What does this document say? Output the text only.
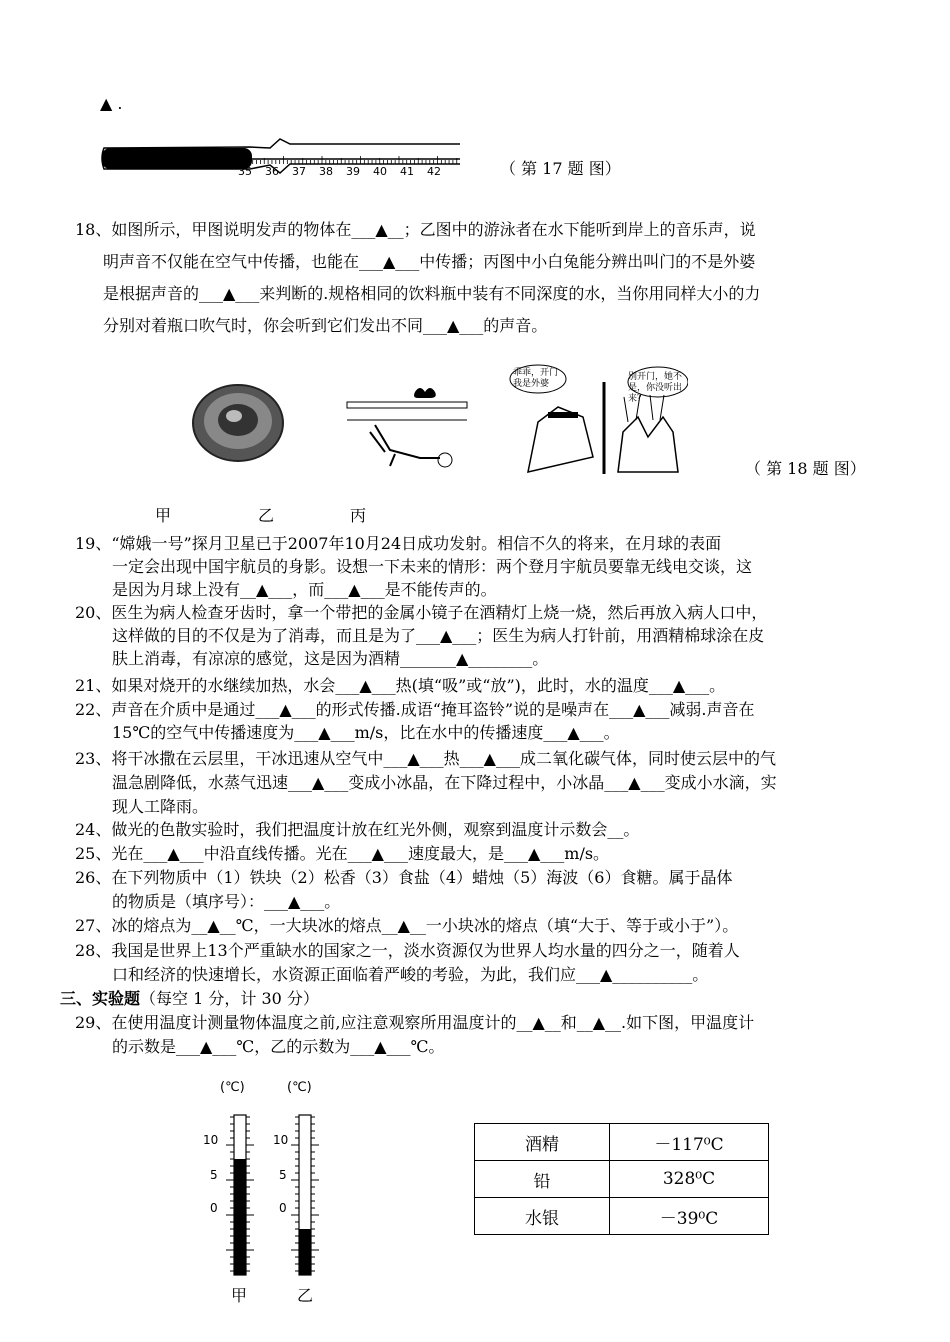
▲ .
35 36 37 38 39 40 41 42	（ 第 17 题 图）
18、如图所示，甲图说明发声的物体在___▲__；乙图中的游泳者在水下能听到岸上的音乐声，说
明声音不仅能在空气中传播，也能在___▲___中传播；丙图中小白兔能分辨出叫门的不是外婆
是根据声音的___▲___来判断的.规格相同的饮料瓶中装有不同深度的水，当你用同样大小的力
分别对着瓶口吹气时，你会听到它们发出不同___▲___的声音。
乖乖，开门 我是外婆
别开门，她不是，你没听出来？
（ 第 18 题 图）
甲	乙	丙
19、“嫦娥一号”探月卫星已于2007年10月24日成功发射。相信不久的将来，在月球的表面
一定会出现中国宇航员的身影。设想一下未来的情形：两个登月宇航员要靠无线电交谈，这
是因为月球上没有__▲___，而___▲___是不能传声的。
20、医生为病人检查牙齿时，拿一个带把的金属小镜子在酒精灯上烧一烧，然后再放入病人口中，
这样做的目的不仅是为了消毒，而且是为了___▲___；医生为病人打针前，用酒精棉球涂在皮
肤上消毒，有凉凉的感觉，这是因为酒精_______▲________。
21、如果对烧开的水继续加热，水会___▲___热(填“吸”或“放”)，此时，水的温度___▲___。
22、声音在介质中是通过___▲___的形式传播.成语“掩耳盗铃”说的是噪声在___▲___减弱.声音在
15℃的空气中传播速度为___▲___m/s，比在水中的传播速度___▲___。
23、将干冰撒在云层里，干冰迅速从空气中___▲___热___▲___成二氧化碳气体，同时使云层中的气
温急剧降低，水蒸气迅速___▲___变成小冰晶，在下降过程中，小冰晶___▲___变成小水滴，实
现人工降雨。
24、做光的色散实验时，我们把温度计放在红光外侧，观察到温度计示数会__。
25、光在___▲___中沿直线传播。光在___▲___速度最大，是___▲___m/s。
26、在下列物质中（1）铁块（2）松香（3）食盐（4）蜡烛（5）海波（6）食糖。属于晶体
的物质是（填序号）：___▲___。
27、冰的熔点为__▲__℃，一大块冰的熔点__▲__一小块冰的熔点（填“大于、等于或小于”）。
28、我国是世界上13个严重缺水的国家之一，淡水资源仅为世界人均水量的四分之一，随着人
口和经济的快速增长，水资源正面临着严峻的考验，为此，我们应___▲__________。
三、实验题（每空 1 分，计 30 分）
29、在使用温度计测量物体温度之前,应注意观察所用温度计的__▲__和__▲__.如下图，甲温度计
的示数是___▲___℃，乙的示数为___▲___℃。
(℃)	(℃)
10
5
0
10
5
0
甲	乙
酒精	－117⁰C
铅	328⁰C
水银	－39⁰C
